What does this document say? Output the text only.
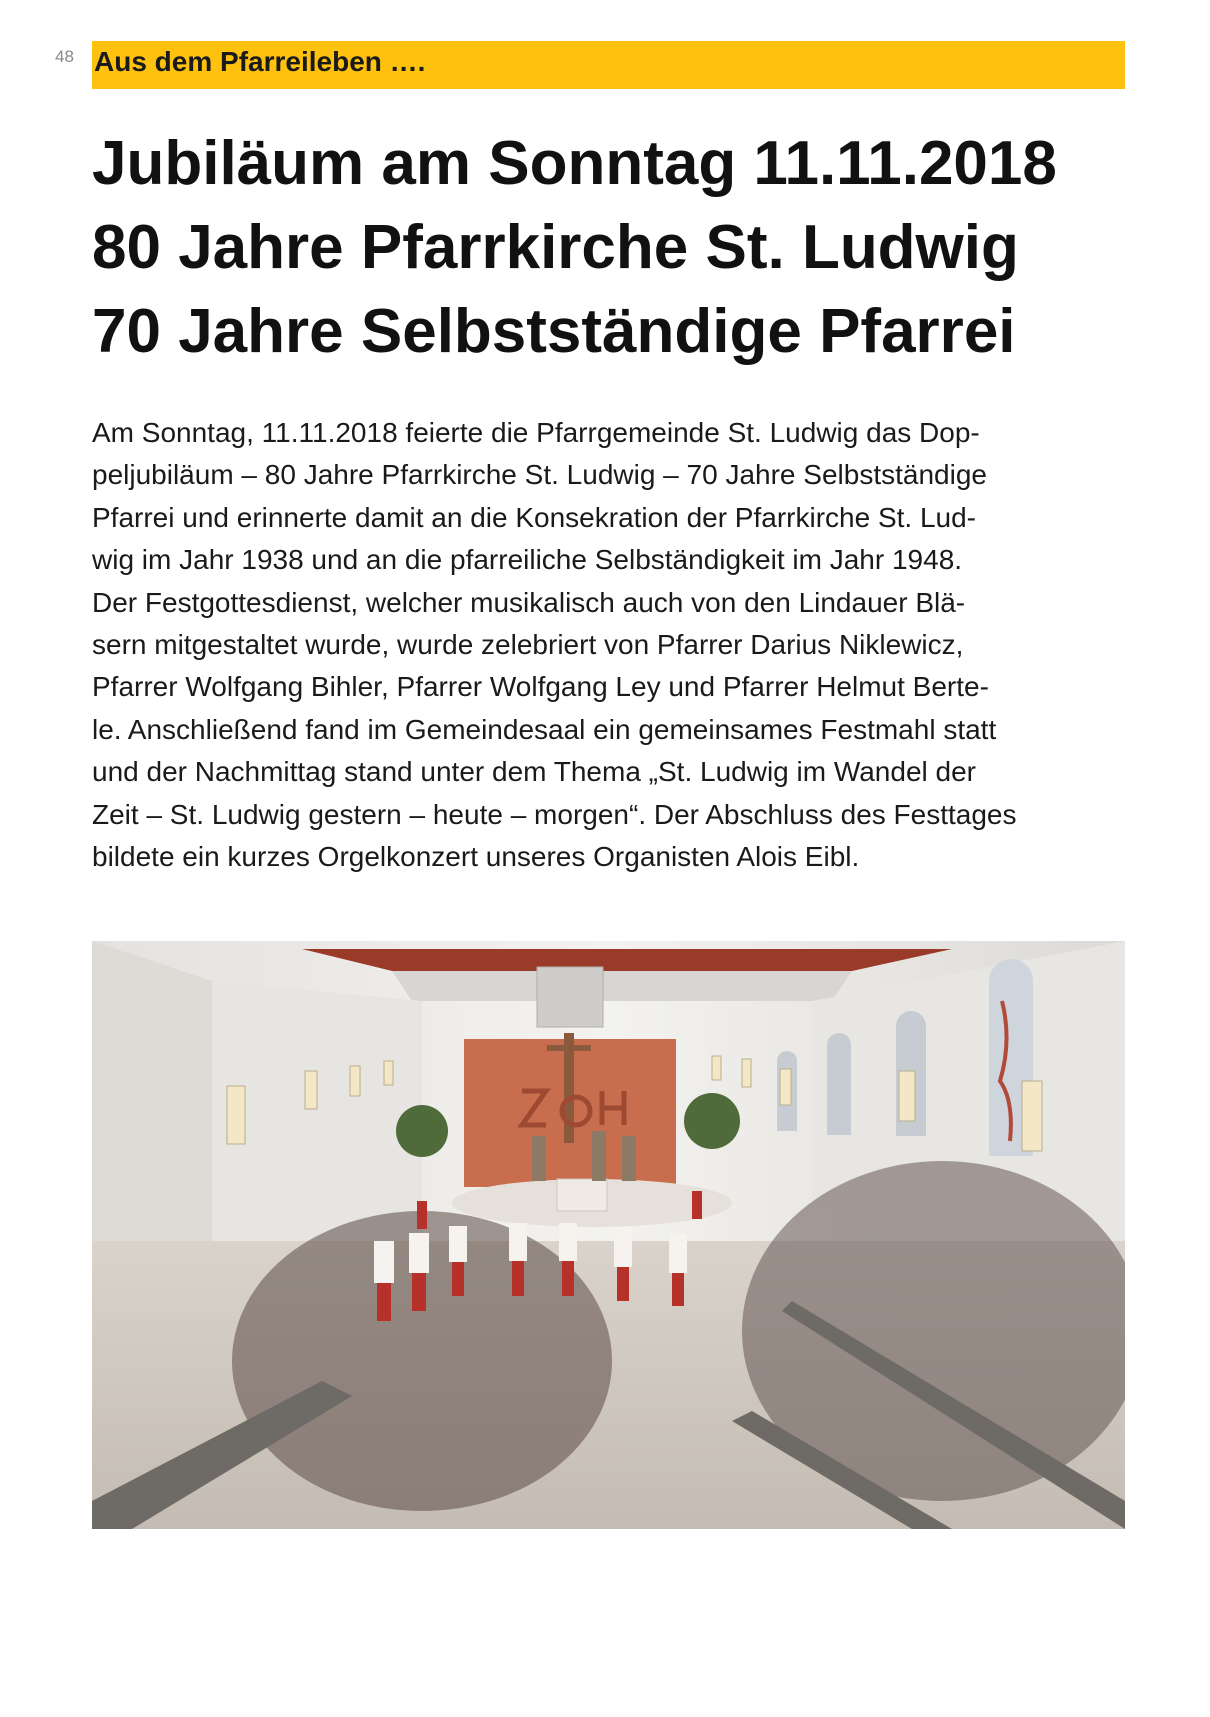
48 Aus dem Pfarreileben ….
Jubiläum am Sonntag 11.11.2018
80 Jahre Pfarrkirche St. Ludwig
70 Jahre Selbstständige Pfarrei
Am Sonntag, 11.11.2018 feierte die Pfarrgemeinde St. Ludwig das Dop-
peljubiläum – 80 Jahre Pfarrkirche St. Ludwig – 70 Jahre Selbstständige
Pfarrei und erinnerte damit an die Konsekration der Pfarrkirche St. Lud-
wig im Jahr 1938 und an die pfarreiliche Selbständigkeit im Jahr 1948.
Der Festgottesdienst, welcher musikalisch auch von den Lindauer Blä-
sern mitgestaltet wurde, wurde zelebriert von Pfarrer Darius Niklewicz,
Pfarrer Wolfgang Bihler, Pfarrer Wolfgang Ley und Pfarrer Helmut Berte-
le. Anschließend fand im Gemeindesaal ein gemeinsames Festmahl statt
und der Nachmittag stand unter dem Thema „St. Ludwig im Wandel der
Zeit – St. Ludwig gestern – heute – morgen“. Der Abschluss des Festtages
bildete ein kurzes Orgelkonzert unseres Organisten Alois Eibl.
